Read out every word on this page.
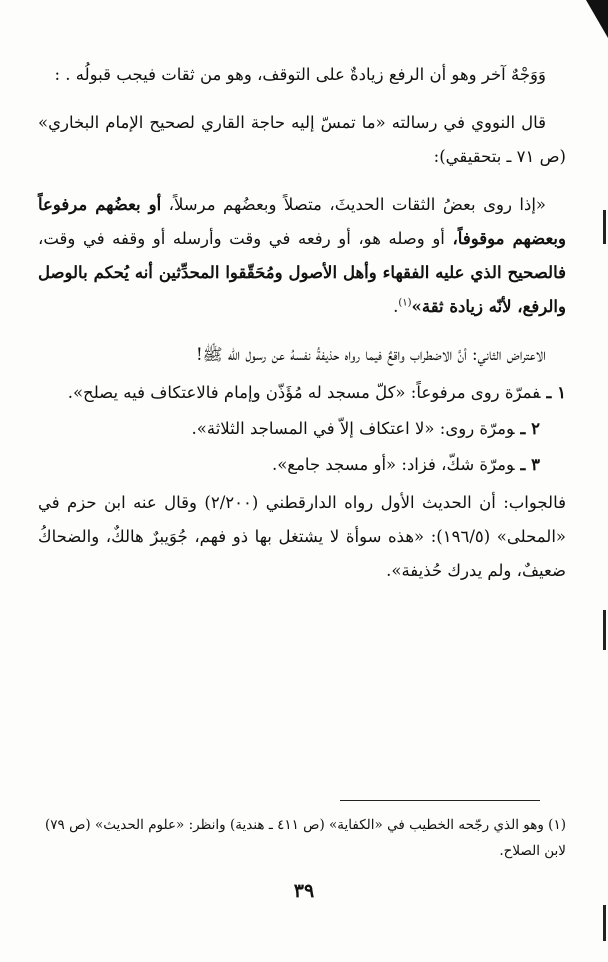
وَوَجْهٌ آخر وهو أن الرفع زيادةٌ على التوقف، وهو من ثقات فيجب قبولُه . :

قال النووي في رسالته «ما تمسّ إليه حاجة القاري لصحيح الإمام البخاري» (ص ٧١ ـ بتحقيقي):

«إذا روى بعضُ الثقات الحديثَ، متصلاً وبعضُهم مرسلاً، أو بعضُهم مرفوعاً وبعضهم موقوفاً، أو وصله هو، أو رفعه في وقت وأرسله أو وقفه في وقت، فالصحيح الذي عليه الفقهاء وأهل الأصول ومُحَقّقوا المحدِّثين أنه يُحكم بالوصل والرفع، لأنّه زيادة ثقة»$^{(١)}$.

الاعتراض الثاني: أنَّ الاضطراب واقعٌ فيما رواه حذيفةُ نفسهُ عن رسول الله ﷺ!

١ ـفمرّة روى مرفوعاً: «كلّ مسجد له مُؤَذّن وإمام فالاعتكاف فيه يصلح».

٢ ـومرّة روى: «لا اعتكاف إلاّ في المساجد الثلاثة».

٣ ـومرّة شكّ، فزاد: «أو مسجد جامع».

فالجواب: أن الحديث الأول رواه الدارقطني (٢/٢٠٠) وقال عنه ابن حزم في «المحلى» (١٩٦/٥): «هذه سوأة لا يشتغل بها ذو فهم، جُوَيبرٌ هالكٌ، والضحاكُ ضعيفٌ، ولم يدرك حُذيفة».

(١) وهو الذي رجّحه الخطيب في «الكفاية» (ص ٤١١ ـ هندية) وانظر: «علوم الحديث» (ص ٧٩) لابن الصلاح.
٣٩
